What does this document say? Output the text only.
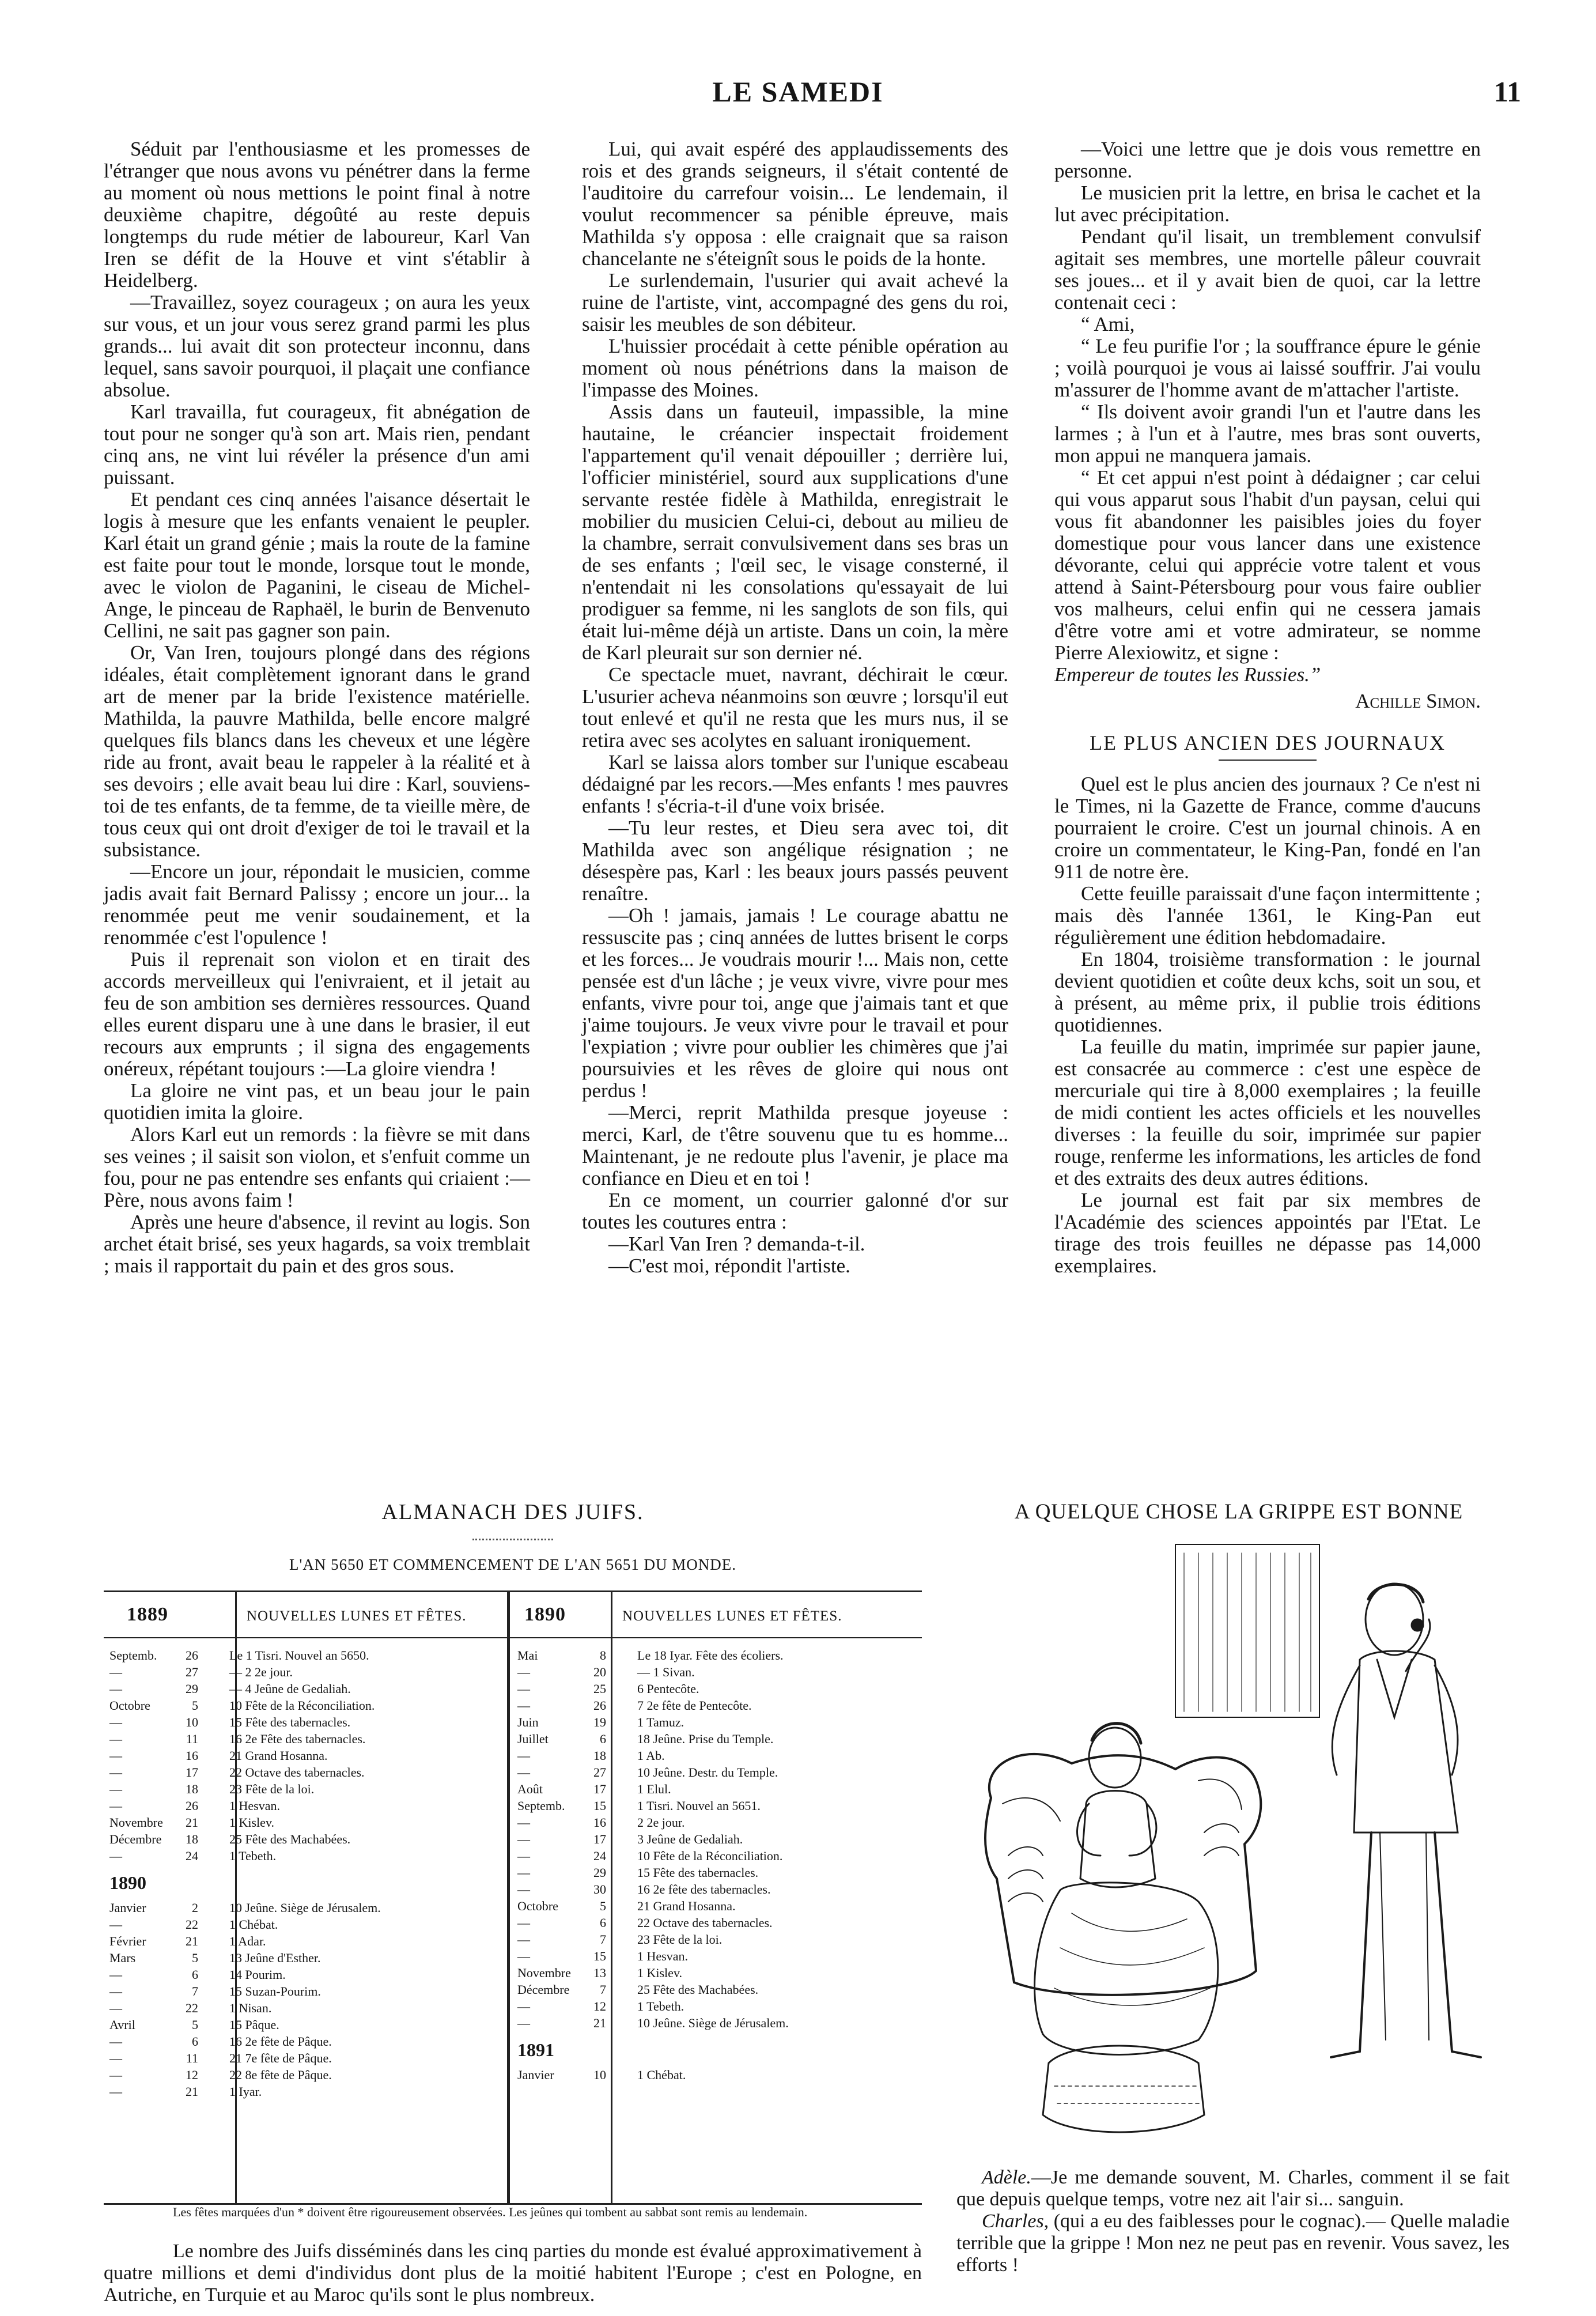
LE SAMEDI	11

Séduit par l'enthousiasme et les promesses de l'étranger que nous avons vu pénétrer dans la ferme au moment où nous mettions le point final à notre deuxième chapitre, dégoûté au reste depuis longtemps du rude métier de laboureur, Karl Van Iren se défit de la Houve et vint s'établir à Heidelberg.

—Travaillez, soyez courageux ; on aura les yeux sur vous, et un jour vous serez grand parmi les plus grands... lui avait dit son protecteur inconnu, dans lequel, sans savoir pourquoi, il plaçait une confiance absolue.

Karl travailla, fut courageux, fit abnégation de tout pour ne songer qu'à son art. Mais rien, pendant cinq ans, ne vint lui révéler la présence d'un ami puissant.

Et pendant ces cinq années l'aisance désertait le logis à mesure que les enfants venaient le peupler. Karl était un grand génie ; mais la route de la famine est faite pour tout le monde, lorsque tout le monde, avec le violon de Paganini, le ciseau de Michel-Ange, le pinceau de Raphaël, le burin de Benvenuto Cellini, ne sait pas gagner son pain.

Or, Van Iren, toujours plongé dans des régions idéales, était complètement ignorant dans le grand art de mener par la bride l'existence matérielle. Mathilda, la pauvre Mathilda, belle encore malgré quelques fils blancs dans les cheveux et une légère ride au front, avait beau le rappeler à la réalité et à ses devoirs ; elle avait beau lui dire : Karl, souviens-toi de tes enfants, de ta femme, de ta vieille mère, de tous ceux qui ont droit d'exiger de toi le travail et la subsistance.

—Encore un jour, répondait le musicien, comme jadis avait fait Bernard Palissy ; encore un jour... la renommée peut me venir soudainement, et la renommée c'est l'opulence !

Puis il reprenait son violon et en tirait des accords merveilleux qui l'enivraient, et il jetait au feu de son ambition ses dernières ressources. Quand elles eurent disparu une à une dans le brasier, il eut recours aux emprunts ; il signa des engagements onéreux, répétant toujours :—La gloire viendra !

La gloire ne vint pas, et un beau jour le pain quotidien imita la gloire.

Alors Karl eut un remords : la fièvre se mit dans ses veines ; il saisit son violon, et s'enfuit comme un fou, pour ne pas entendre ses enfants qui criaient :—Père, nous avons faim !

Après une heure d'absence, il revint au logis. Son archet était brisé, ses yeux hagards, sa voix tremblait ; mais il rapportait du pain et des gros sous.

Lui, qui avait espéré des applaudissements des rois et des grands seigneurs, il s'était contenté de l'auditoire du carrefour voisin... Le lendemain, il voulut recommencer sa pénible épreuve, mais Mathilda s'y opposa : elle craignait que sa raison chancelante ne s'éteignît sous le poids de la honte.

Le surlendemain, l'usurier qui avait achevé la ruine de l'artiste, vint, accompagné des gens du roi, saisir les meubles de son débiteur.

L'huissier procédait à cette pénible opération au moment où nous pénétrions dans la maison de l'impasse des Moines.

Assis dans un fauteuil, impassible, la mine hautaine, le créancier inspectait froidement l'appartement qu'il venait dépouiller ; derrière lui, l'officier ministériel, sourd aux supplications d'une servante restée fidèle à Mathilda, enregistrait le mobilier du musicien Celui-ci, debout au milieu de la chambre, serrait convulsivement dans ses bras un de ses enfants ; l'œil sec, le visage consterné, il n'entendait ni les consolations qu'essayait de lui prodiguer sa femme, ni les sanglots de son fils, qui était lui-même déjà un artiste. Dans un coin, la mère de Karl pleurait sur son dernier né.

Ce spectacle muet, navrant, déchirait le cœur. L'usurier acheva néanmoins son œuvre ; lorsqu'il eut tout enlevé et qu'il ne resta que les murs nus, il se retira avec ses acolytes en saluant ironiquement.

Karl se laissa alors tomber sur l'unique escabeau dédaigné par les recors.—Mes enfants ! mes pauvres enfants ! s'écria-t-il d'une voix brisée.

—Tu leur restes, et Dieu sera avec toi, dit Mathilda avec son angélique résignation ; ne désespère pas, Karl : les beaux jours passés peuvent renaître.

—Oh ! jamais, jamais ! Le courage abattu ne ressuscite pas ; cinq années de luttes brisent le corps et les forces... Je voudrais mourir !... Mais non, cette pensée est d'un lâche ; je veux vivre, vivre pour mes enfants, vivre pour toi, ange que j'aimais tant et que j'aime toujours. Je veux vivre pour le travail et pour l'expiation ; vivre pour oublier les chimères que j'ai poursuivies et les rêves de gloire qui nous ont perdus !

—Merci, reprit Mathilda presque joyeuse : merci, Karl, de t'être souvenu que tu es homme... Maintenant, je ne redoute plus l'avenir, je place ma confiance en Dieu et en toi !

En ce moment, un courrier galonné d'or sur toutes les coutures entra :

—Karl Van Iren ? demanda-t-il.

—C'est moi, répondit l'artiste.

—Voici une lettre que je dois vous remettre en personne.

Le musicien prit la lettre, en brisa le cachet et la lut avec précipitation.

Pendant qu'il lisait, un tremblement convulsif agitait ses membres, une mortelle pâleur couvrait ses joues... et il y avait bien de quoi, car la lettre contenait ceci :

“ Ami,

“ Le feu purifie l'or ; la souffrance épure le génie ; voilà pourquoi je vous ai laissé souffrir. J'ai voulu m'assurer de l'homme avant de m'attacher l'artiste.

“ Ils doivent avoir grandi l'un et l'autre dans les larmes ; à l'un et à l'autre, mes bras sont ouverts, mon appui ne manquera jamais.

“ Et cet appui n'est point à dédaigner ; car celui qui vous apparut sous l'habit d'un paysan, celui qui vous fit abandonner les paisibles joies du foyer domestique pour vous lancer dans une existence dévorante, celui qui apprécie votre talent et vous attend à Saint-Pétersbourg pour vous faire oublier vos malheurs, celui enfin qui ne cessera jamais d'être votre ami et votre admirateur, se nomme Pierre Alexiowitz, et signe :

Empereur de toutes les Russies.”

Achille Simon.

LE PLUS ANCIEN DES JOURNAUX

Quel est le plus ancien des journaux ? Ce n'est ni le Times, ni la Gazette de France, comme d'aucuns pourraient le croire. C'est un journal chinois. A en croire un commentateur, le King-Pan, fondé en l'an 911 de notre ère.

Cette feuille paraissait d'une façon intermittente ; mais dès l'année 1361, le King-Pan eut régulièrement une édition hebdomadaire.

En 1804, troisième transformation : le journal devient quotidien et coûte deux kchs, soit un sou, et à présent, au même prix, il publie trois éditions quotidiennes.

La feuille du matin, imprimée sur papier jaune, est consacrée au commerce : c'est une espèce de mercuriale qui tire à 8,000 exemplaires ; la feuille de midi contient les actes officiels et les nouvelles diverses : la feuille du soir, imprimée sur papier rouge, renferme les informations, les articles de fond et des extraits des deux autres éditions.

Le journal est fait par six membres de l'Académie des sciences appointés par l'Etat. Le tirage des trois feuilles ne dépasse pas 14,000 exemplaires.

ALMANACH DES JUIFS.
L'AN 5650 ET COMMENCEMENT DE L'AN 5651 DU MONDE.
1889	NOUVELLES LUNES ET FÊTES.	1890	NOUVELLES LUNES ET FÊTES.
Septemb.	26	Le 1 Tisri. Nouvel an 5650.
—	27	— 2 2e jour.
—	29	— 4 Jeûne de Gedaliah.
Octobre	5	10 Fête de la Réconciliation.
—	10	15 Fête des tabernacles.
—	11	16 2e Fête des tabernacles.
—	16	21 Grand Hosanna.
—	17	22 Octave des tabernacles.
—	18	23 Fête de la loi.
—	26	1 Hesvan.
Novembre	21	1 Kislev.
Décembre	18	25 Fête des Machabées.
—	24	1 Tebeth.
1890
Janvier	2	10 Jeûne. Siège de Jérusalem.
—	22	1 Chébat.
Février	21	1 Adar.
Mars	5	13 Jeûne d'Esther.
—	6	14 Pourim.
—	7	15 Suzan-Pourim.
—	22	1 Nisan.
Avril	5	15 Pâque.
—	6	16 2e fête de Pâque.
—	11	21 7e fête de Pâque.
—	12	22 8e fête de Pâque.
—	21	1 Iyar.
Mai	8	Le 18 Iyar. Fête des écoliers.
—	20	— 1 Sivan.
—	25	6 Pentecôte.
—	26	7 2e fête de Pentecôte.
Juin	19	1 Tamuz.
Juillet	6	18 Jeûne. Prise du Temple.
—	18	1 Ab.
—	27	10 Jeûne. Destr. du Temple.
Août	17	1 Elul.
Septemb.	15	1 Tisri. Nouvel an 5651.
—	16	2 2e jour.
—	17	3 Jeûne de Gedaliah.
—	24	10 Fête de la Réconciliation.
—	29	15 Fête des tabernacles.
—	30	16 2e fête des tabernacles.
Octobre	5	21 Grand Hosanna.
—	6	22 Octave des tabernacles.
—	7	23 Fête de la loi.
—	15	1 Hesvan.
Novembre	13	1 Kislev.
Décembre	7	25 Fête des Machabées.
—	12	1 Tebeth.
—	21	10 Jeûne. Siège de Jérusalem.
1891
Janvier	10	1 Chébat.
Les fêtes marquées d'un * doivent être rigoureusement observées. Les jeûnes qui tombent au sabbat sont remis au lendemain.
Le nombre des Juifs disséminés dans les cinq parties du monde est évalué approximativement à quatre millions et demi d'individus dont plus de la moitié habitent l'Europe ; c'est en Pologne, en Autriche, en Turquie et au Maroc qu'ils sont le plus nombreux.
A QUELQUE CHOSE LA GRIPPE EST BONNE

Adèle.—Je me demande souvent, M. Charles, comment il se fait que depuis quelque temps, votre nez ait l'air si... sanguin.

Charles, (qui a eu des faiblesses pour le cognac).— Quelle maladie terrible que la grippe ! Mon nez ne peut pas en revenir. Vous savez, les efforts !
